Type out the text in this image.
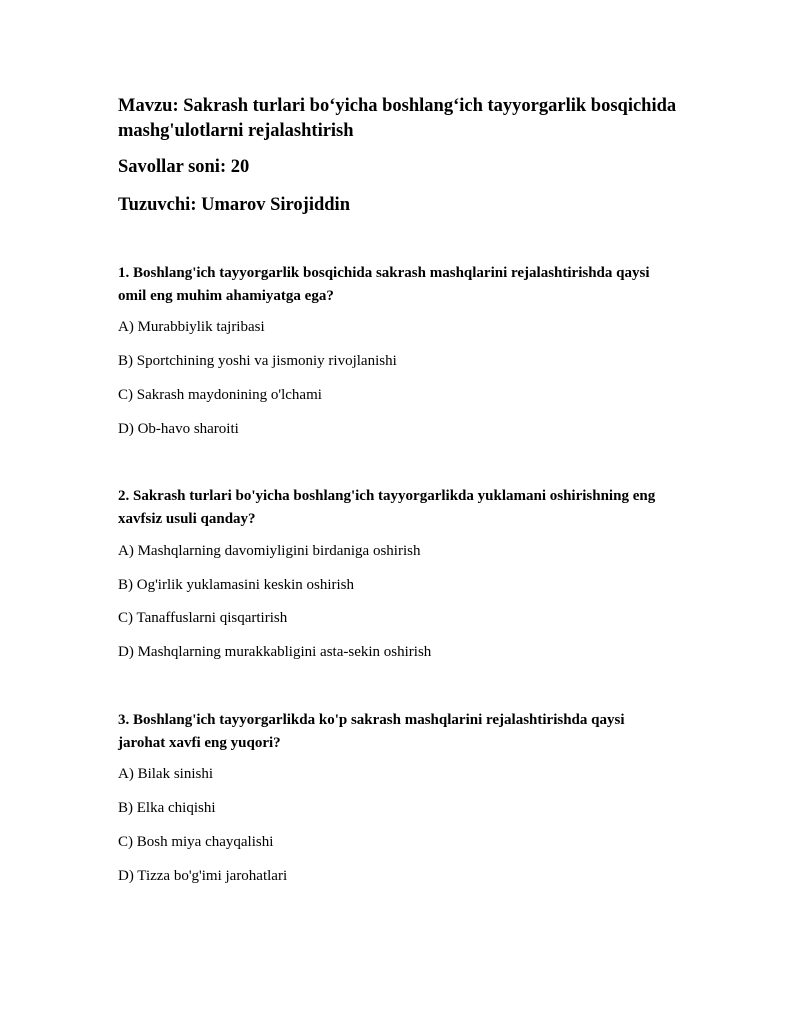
Mavzu: Sakrash turlari bo‘yicha boshlang‘ich tayyorgarlik bosqichida
mashg'ulotlarni rejalashtirish
Savollar soni: 20
Tuzuvchi: Umarov Sirojiddin

1. Boshlang'ich tayyorgarlik bosqichida sakrash mashqlarini rejalashtirishda qaysi
omil eng muhim ahamiyatga ega?

A) Murabbiylik tajribasi
B) Sportchining yoshi va jismoniy rivojlanishi
C) Sakrash maydonining o'lchami
D) Ob-havo sharoiti

2. Sakrash turlari bo'yicha boshlang'ich tayyorgarlikda yuklamani oshirishning eng
xavfsiz usuli qanday?

A) Mashqlarning davomiyligini birdaniga oshirish
B) Og'irlik yuklamasini keskin oshirish
C) Tanaffuslarni qisqartirish
D) Mashqlarning murakkabligini asta-sekin oshirish

3. Boshlang'ich tayyorgarlikda ko'p sakrash mashqlarini rejalashtirishda qaysi
jarohat xavfi eng yuqori?

A) Bilak sinishi
B) Elka chiqishi
C) Bosh miya chayqalishi
D) Tizza bo'g'imi jarohatlari
